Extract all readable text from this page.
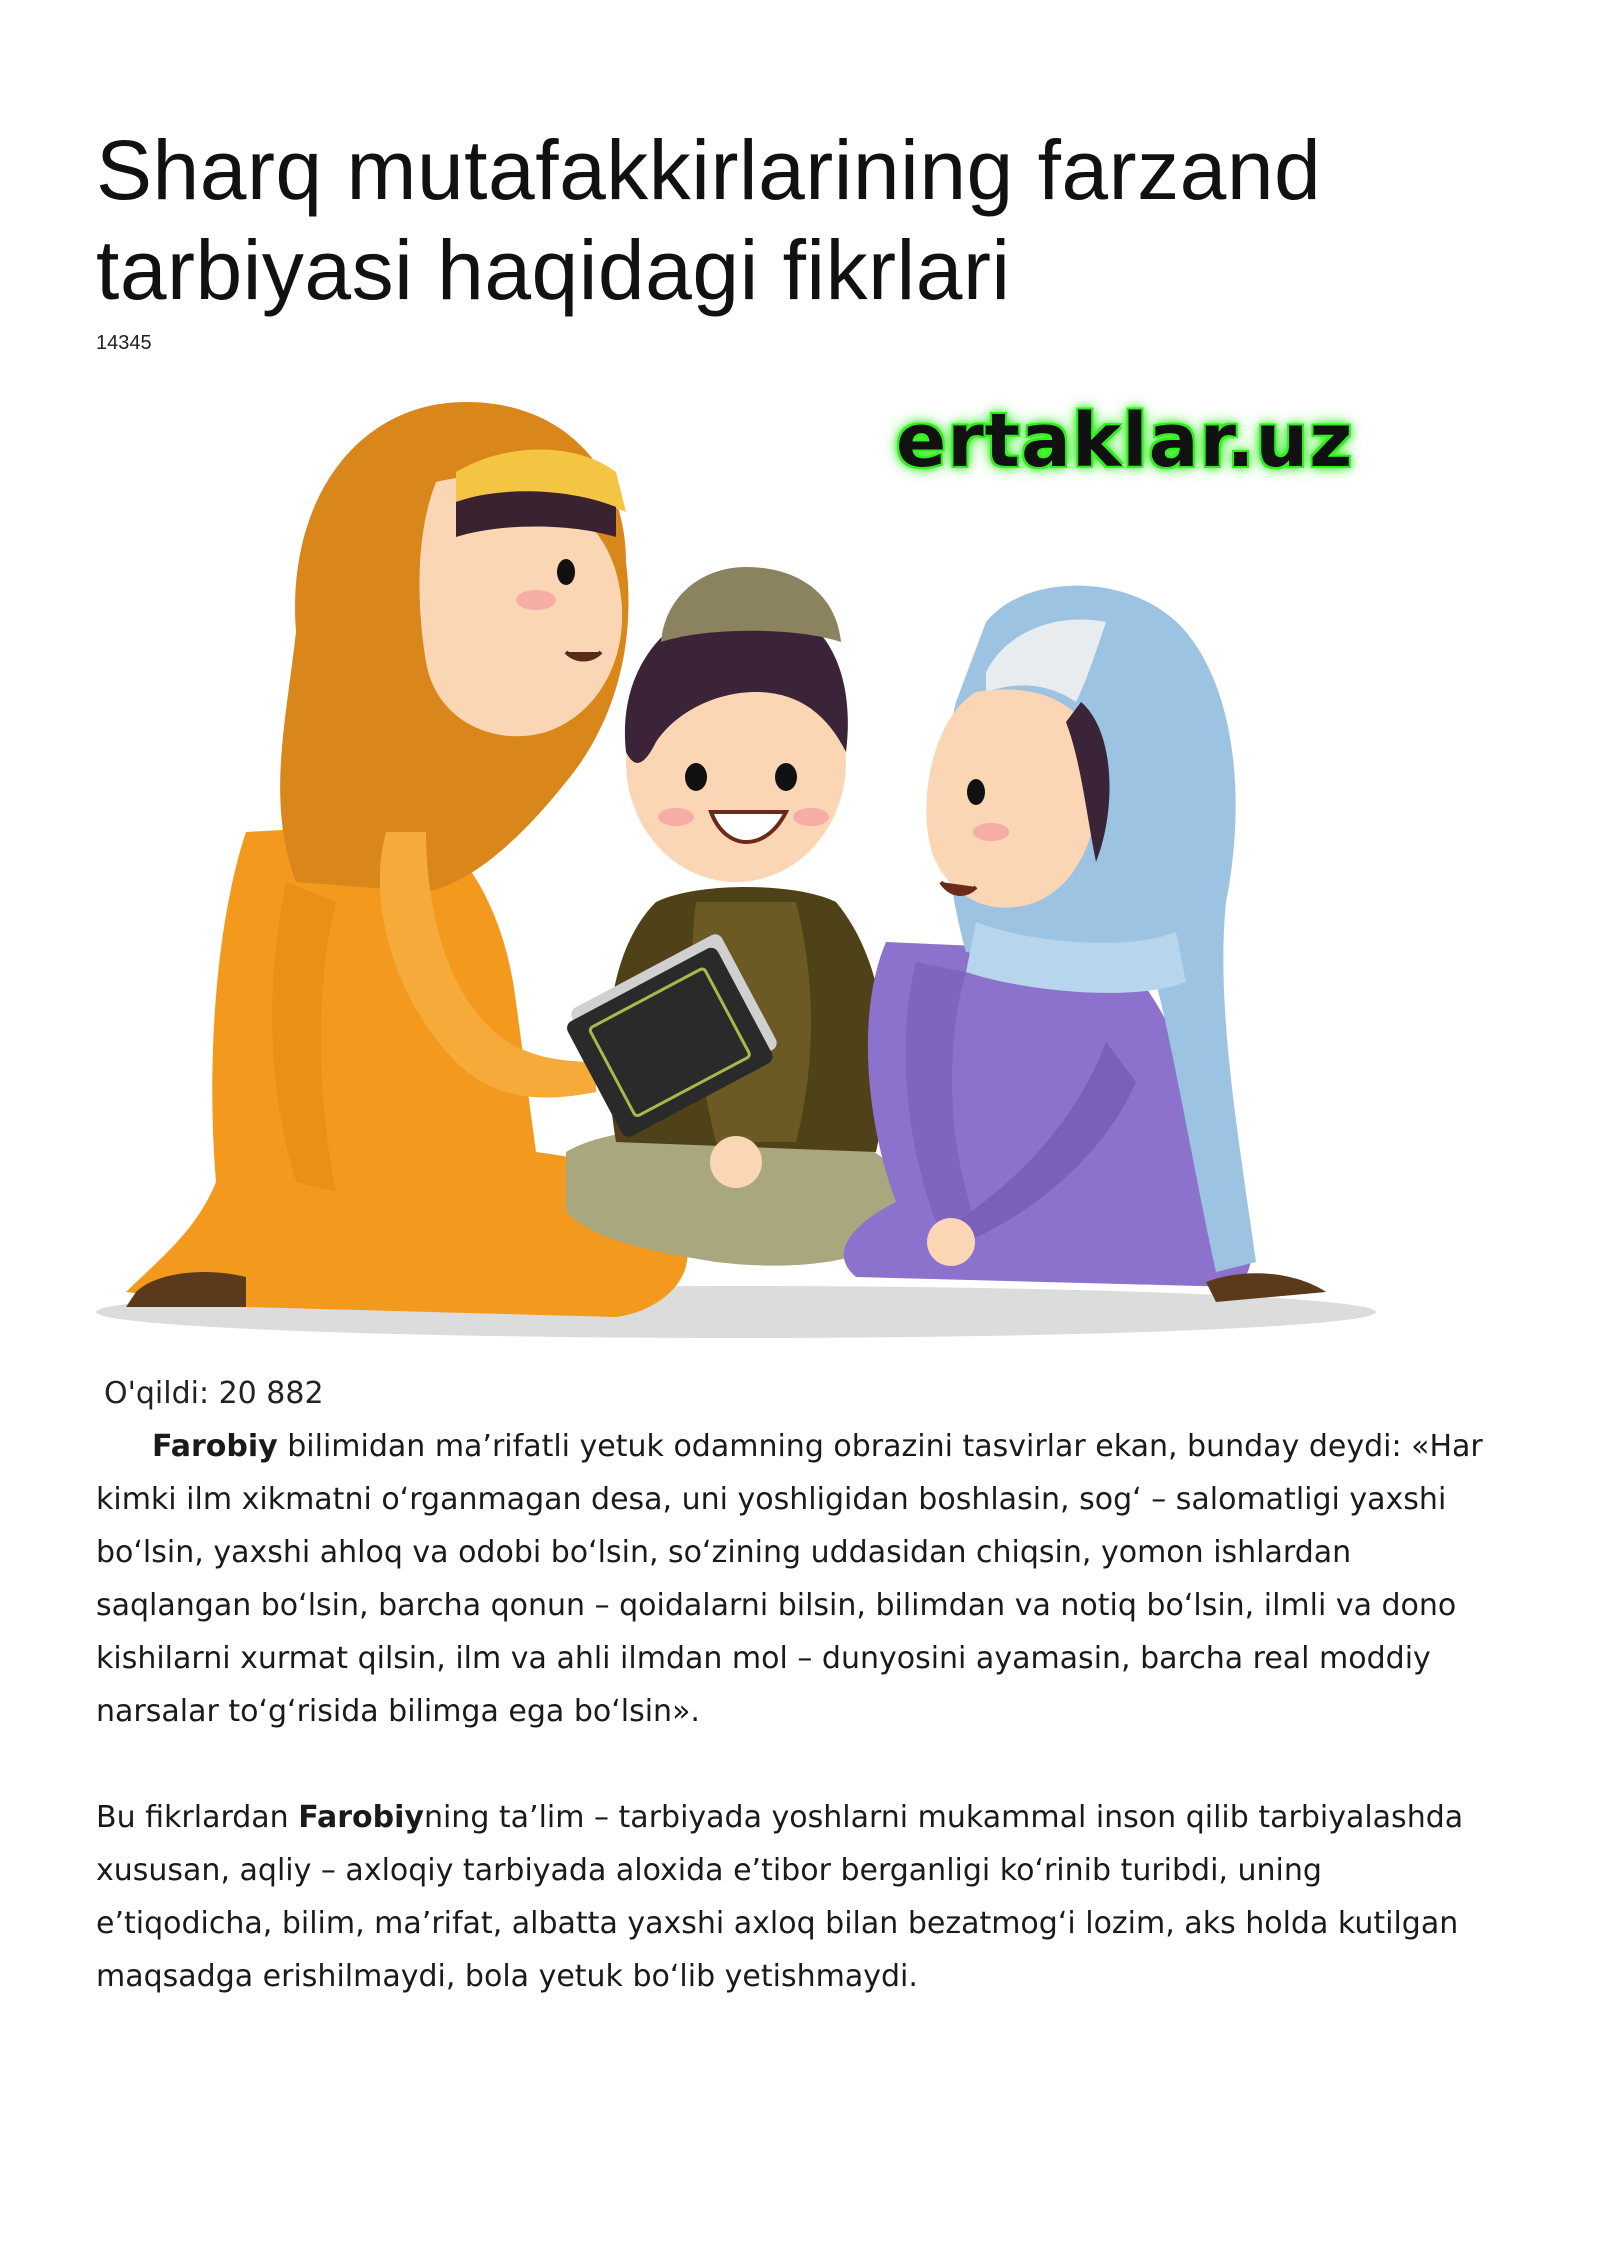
Sharq mutafakkirlarining farzand tarbiyasi haqidagi fikrlari
14345
ertaklar.uz
O'qildi: 20 882

Farobiy bilimidan maʼrifatli yetuk odamning obrazini tasvirlar ekan, bunday deydi: «Har kimki ilm xikmatni oʻrganmagan desa, uni yoshligidan boshlasin, sogʻ – salomatligi yaxshi boʻlsin, yaxshi ahloq va odobi boʻlsin, soʻzining uddasidan chiqsin, yomon ishlardan saqlangan boʻlsin, barcha qonun – qoidalarni bilsin, bilimdan va notiq boʻlsin, ilmli va dono kishilarni xurmat qilsin, ilm va ahli ilmdan mol – dunyosini ayamasin, barcha real moddiy narsalar toʻgʻrisida bilimga ega boʻlsin».

Bu fikrlardan Farobiyning taʼlim – tarbiyada yoshlarni mukammal inson qilib tarbiyalashda xususan, aqliy – axloqiy tarbiyada aloxida eʼtibor berganligi koʻrinib turibdi, uning eʼtiqodicha, bilim, maʼrifat, albatta yaxshi axloq bilan bezatmogʻi lozim, aks holda kutilgan maqsadga erishilmaydi, bola yetuk boʻlib yetishmaydi.
